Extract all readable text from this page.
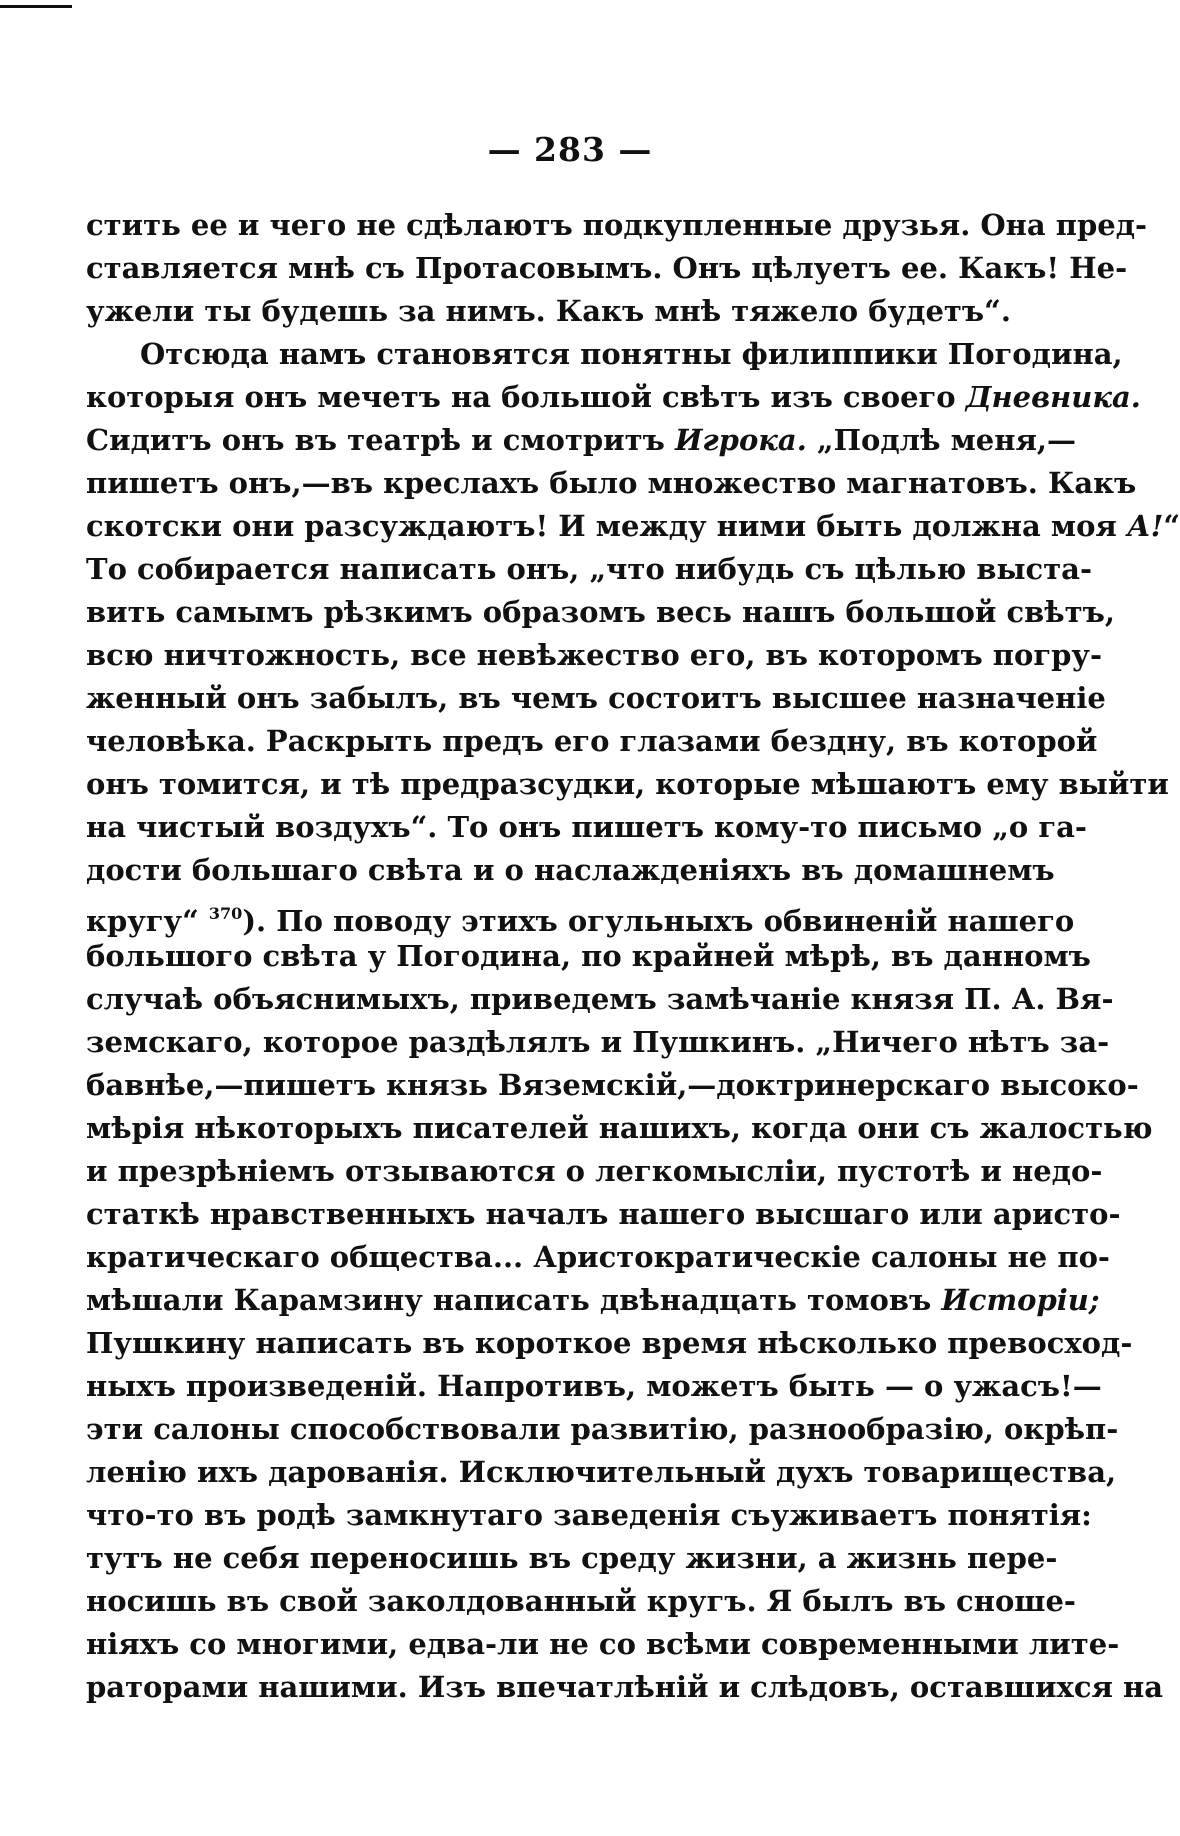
— 283 —
стить ее и чего не сдѣлаютъ подкупленные друзья. Она пред-
ставляется мнѣ съ Протасовымъ. Онъ цѣлуетъ ее. Какъ! Не-
ужели ты будешь за нимъ. Какъ мнѣ тяжело будетъ“.
Отсюда намъ становятся понятны филиппики Погодина,
которыя онъ мечетъ на большой свѣтъ изъ своего Дневника.
Сидитъ онъ въ театрѣ и смотритъ Игрока. „Подлѣ меня,—
пишетъ онъ,—въ креслахъ было множество магнатовъ. Какъ
скотски они разсуждаютъ! И между ними быть должна моя А!“
То собирается написать онъ, „что нибудь съ цѣлью выста-
вить самымъ рѣзкимъ образомъ весь нашъ большой свѣтъ,
всю ничтожность, все невѣжество его, въ которомъ погру-
женный онъ забылъ, въ чемъ состоитъ высшее назначеніе
человѣка. Раскрыть предъ его глазами бездну, въ которой
онъ томится, и тѣ предразсудки, которые мѣшаютъ ему выйти
на чистый воздухъ“. То онъ пишетъ кому-то письмо „о га-
дости большаго свѣта и о наслажденіяхъ въ домашнемъ
кругу“ $^{370}$). По поводу этихъ огульныхъ обвиненій нашего
большого свѣта у Погодина, по крайней мѣрѣ, въ данномъ
случаѣ объяснимыхъ, приведемъ замѣчаніе князя П. А. Вя-
земскаго, которое раздѣлялъ и Пушкинъ. „Ничего нѣтъ за-
бавнѣе,—пишетъ князь Вяземскій,—доктринерскаго высоко-
мѣрія нѣкоторыхъ писателей нашихъ, когда они съ жалостью
и презрѣніемъ отзываются о легкомысліи, пустотѣ и недо-
статкѣ нравственныхъ началъ нашего высшаго или аристо-
кратическаго общества... Аристократическіе салоны не по-
мѣшали Карамзину написать двѣнадцать томовъ Исторіи;
Пушкину написать въ короткое время нѣсколько превосход-
ныхъ произведеній. Напротивъ, можетъ быть — о ужасъ!—
эти салоны способствовали развитію, разнообразію, окрѣп-
ленію ихъ дарованія. Исключительный духъ товарищества,
что-то въ родѣ замкнутаго заведенія съуживаетъ понятія:
тутъ не себя переносишь въ среду жизни, а жизнь пере-
носишь въ свой заколдованный кругъ. Я былъ въ сноше-
ніяхъ со многими, едва-ли не со всѣми современными лите-
раторами нашими. Изъ впечатлѣній и слѣдовъ, оставшихся на
